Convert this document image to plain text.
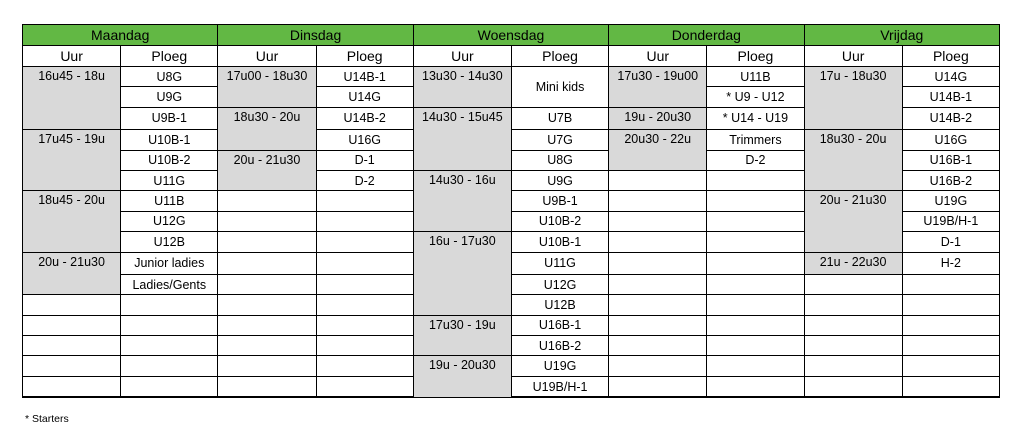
Maandag		Dinsdag		Woensdag		Donderdag		Vrijdag	
Uur	Ploeg	Uur	Ploeg	Uur	Ploeg	Uur	Ploeg	Uur	Ploeg
16u45 - 18u	U8G	17u00 - 18u30	U14B-1	13u30 - 14u30	Mini kids	17u30 - 19u00	U11B	17u - 18u30	U14G
	U9G		U14G				* U9 - U12		U14B-1
	U9B-1	18u30 - 20u	U14B-2	14u30 - 15u45	U7B	19u - 20u30	* U14 - U19		U14B-2
17u45 - 19u	U10B-1		U16G		U7G	20u30 - 22u	Trimmers	18u30 - 20u	U16G
	U10B-2	20u - 21u30	D-1		U8G		D-2		U16B-1
	U11G		D-2	14u30 - 16u	U9G				U16B-2
18u45 - 20u	U11B				U9B-1			20u - 21u30	U19G
	U12G				U10B-2				U19B/H-1
	U12B			16u - 17u30	U10B-1				D-1
20u - 21u30	Junior ladies				U11G			21u - 22u30	H-2
	Ladies/Gents				U12G				
					U12B				
				17u30 - 19u	U16B-1				
					U16B-2				
				19u - 20u30	U19G				
					U19B/H-1				
* Starters
